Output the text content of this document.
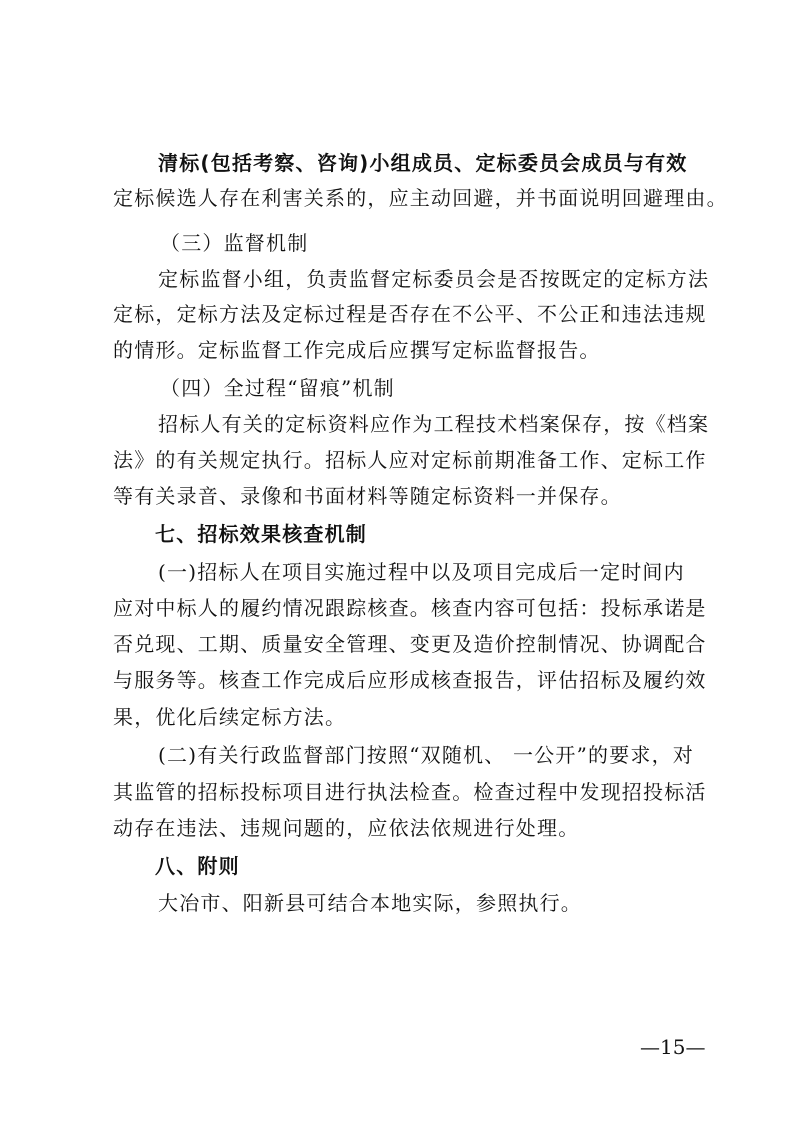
清标(包括考察、咨询)小组成员、定标委员会成员与有效
定标候选人存在利害关系的，应主动回避，并书面说明回避理由。
（三）监督机制
定标监督小组，负责监督定标委员会是否按既定的定标方法
定标，定标方法及定标过程是否存在不公平、不公正和违法违规
的情形。定标监督工作完成后应撰写定标监督报告。
（四）全过程“留痕”机制
招标人有关的定标资料应作为工程技术档案保存，按《档案
法》的有关规定执行。招标人应对定标前期准备工作、定标工作
等有关录音、录像和书面材料等随定标资料一并保存。
七、招标效果核查机制
(一)招标人在项目实施过程中以及项目完成后一定时间内
应对中标人的履约情况跟踪核查。核查内容可包括：投标承诺是
否兑现、工期、质量安全管理、变更及造价控制情况、协调配合
与服务等。核查工作完成后应形成核查报告，评估招标及履约效
果，优化后续定标方法。
(二)有关行政监督部门按照“双随机、 一公开”的要求，对
其监管的招标投标项目进行执法检查。检查过程中发现招投标活
动存在违法、违规问题的，应依法依规进行处理。
八、附则
大冶市、阳新县可结合本地实际，参照执行。
—15—
